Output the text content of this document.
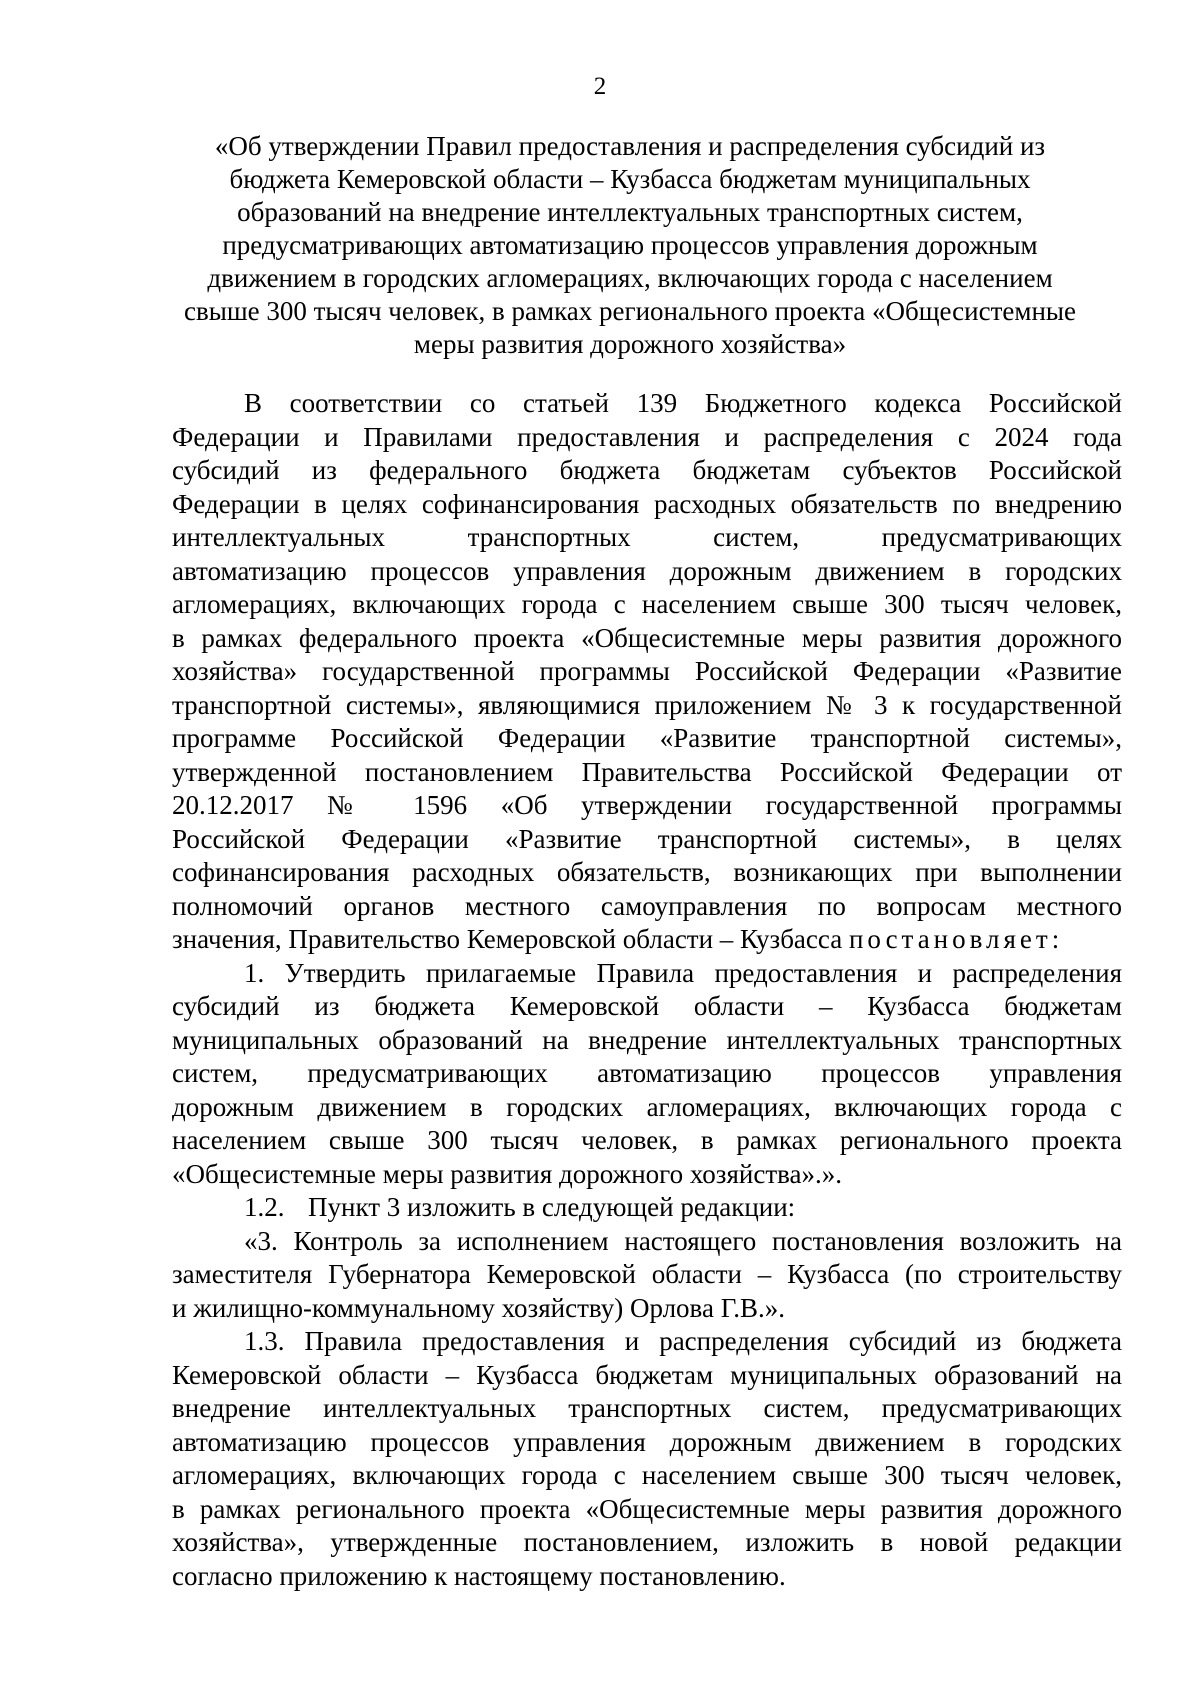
2
«Об утверждении Правил предоставления и распределения субсидий из
бюджета Кемеровской области – Кузбасса бюджетам муниципальных
образований на внедрение интеллектуальных транспортных систем,
предусматривающих автоматизацию процессов управления дорожным
движением в городских агломерациях, включающих города с населением
свыше 300 тысяч человек, в рамках регионального проекта «Общесистемные
меры развития дорожного хозяйства»
В соответствии со статьей 139 Бюджетного кодекса Российской
Федерации и Правилами предоставления и распределения с 2024 года
субсидий из федерального бюджета бюджетам субъектов Российской
Федерации в целях софинансирования расходных обязательств по внедрению
интеллектуальных транспортных систем, предусматривающих
автоматизацию процессов управления дорожным движением в городских
агломерациях, включающих города с населением свыше 300 тысяч человек,
в рамках федерального проекта «Общесистемные меры развития дорожного
хозяйства» государственной программы Российской Федерации «Развитие
транспортной системы», являющимися приложением № 3 к государственной
программе Российской Федерации «Развитие транспортной системы»,
утвержденной постановлением Правительства Российской Федерации от
20.12.2017 № 1596 «Об утверждении государственной программы
Российской Федерации «Развитие транспортной системы», в целях
софинансирования расходных обязательств, возникающих при выполнении
полномочий органов местного самоуправления по вопросам местного
значения, Правительство Кемеровской области – Кузбасса постановляет:
1. Утвердить прилагаемые Правила предоставления и распределения
субсидий из бюджета Кемеровской области – Кузбасса бюджетам
муниципальных образований на внедрение интеллектуальных транспортных
систем, предусматривающих автоматизацию процессов управления
дорожным движением в городских агломерациях, включающих города с
населением свыше 300 тысяч человек, в рамках регионального проекта
«Общесистемные меры развития дорожного хозяйства».».
1.2. Пункт 3 изложить в следующей редакции:
«3. Контроль за исполнением настоящего постановления возложить на
заместителя Губернатора Кемеровской области – Кузбасса (по строительству
и жилищно-коммунальному хозяйству) Орлова Г.В.».
1.3. Правила предоставления и распределения субсидий из бюджета
Кемеровской области – Кузбасса бюджетам муниципальных образований на
внедрение интеллектуальных транспортных систем, предусматривающих
автоматизацию процессов управления дорожным движением в городских
агломерациях, включающих города с населением свыше 300 тысяч человек,
в рамках регионального проекта «Общесистемные меры развития дорожного
хозяйства», утвержденные постановлением, изложить в новой редакции
согласно приложению к настоящему постановлению.
